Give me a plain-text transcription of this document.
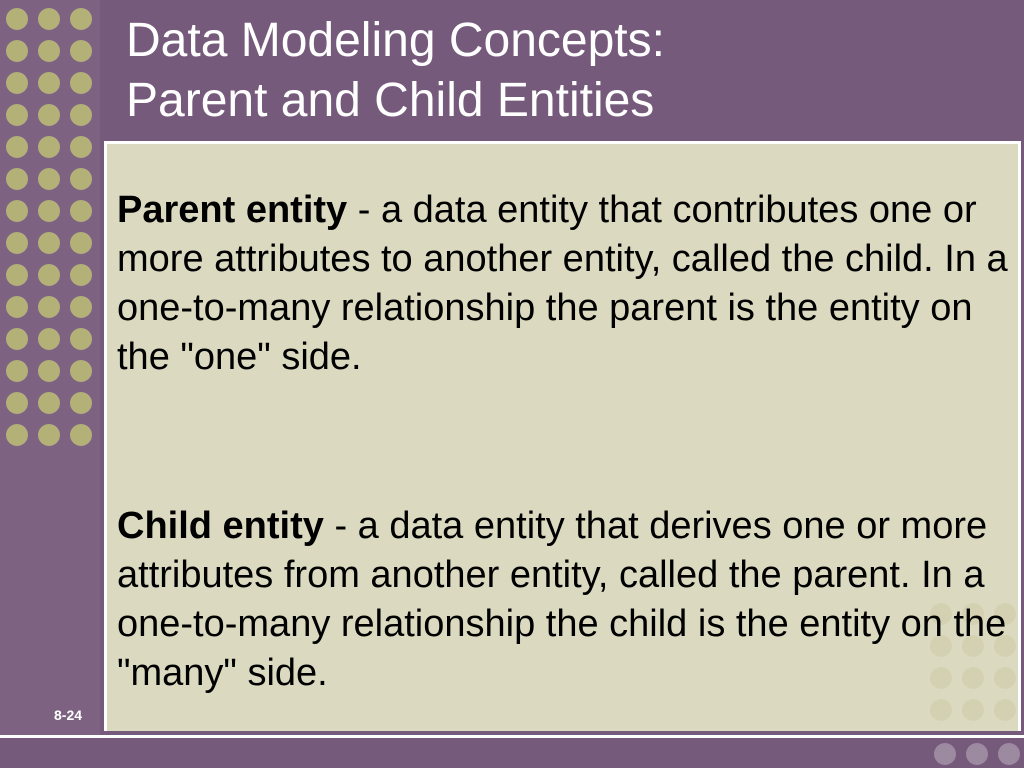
Data Modeling Concepts:
Parent and Child Entities
Parent entity - a data entity that contributes one or more attributes to another entity, called the child. In a one-to-many relationship the parent is the entity on the "one" side.
Child entity - a data entity that derives one or more attributes from another entity, called the parent. In a one-to-many relationship the child is the entity on the "many" side.
8-24
